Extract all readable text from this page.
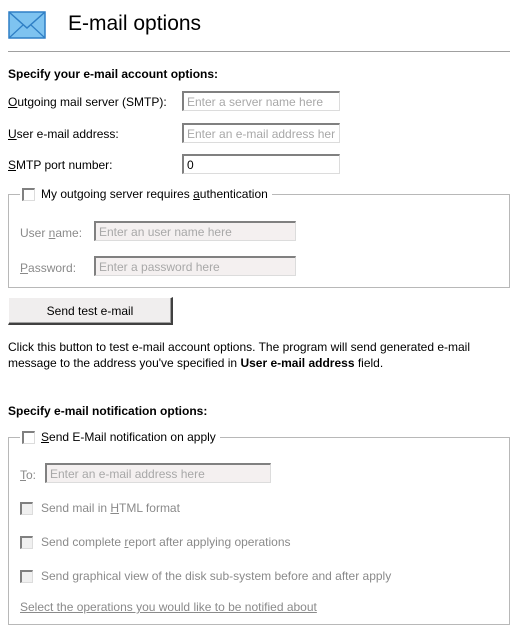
E-mail options
Specify your e-mail account options:
Outgoing mail server (SMTP):
Enter a server name here
User e-mail address:
Enter an e-mail address her
SMTP port number:
0
My outgoing server requires authentication
User name:
Enter an user name here
Password:
Enter a password here
Send test e-mail
Click this button to test e-mail account options. The program will send generated e-mail message to the address you've specified in User e-mail address field.
Specify e-mail notification options:
Send E-Mail notification on apply
To:
Enter an e-mail address here
Send mail in HTML format
Send complete report after applying operations
Send graphical view of the disk sub-system before and after apply
Select the operations you would like to be notified about
